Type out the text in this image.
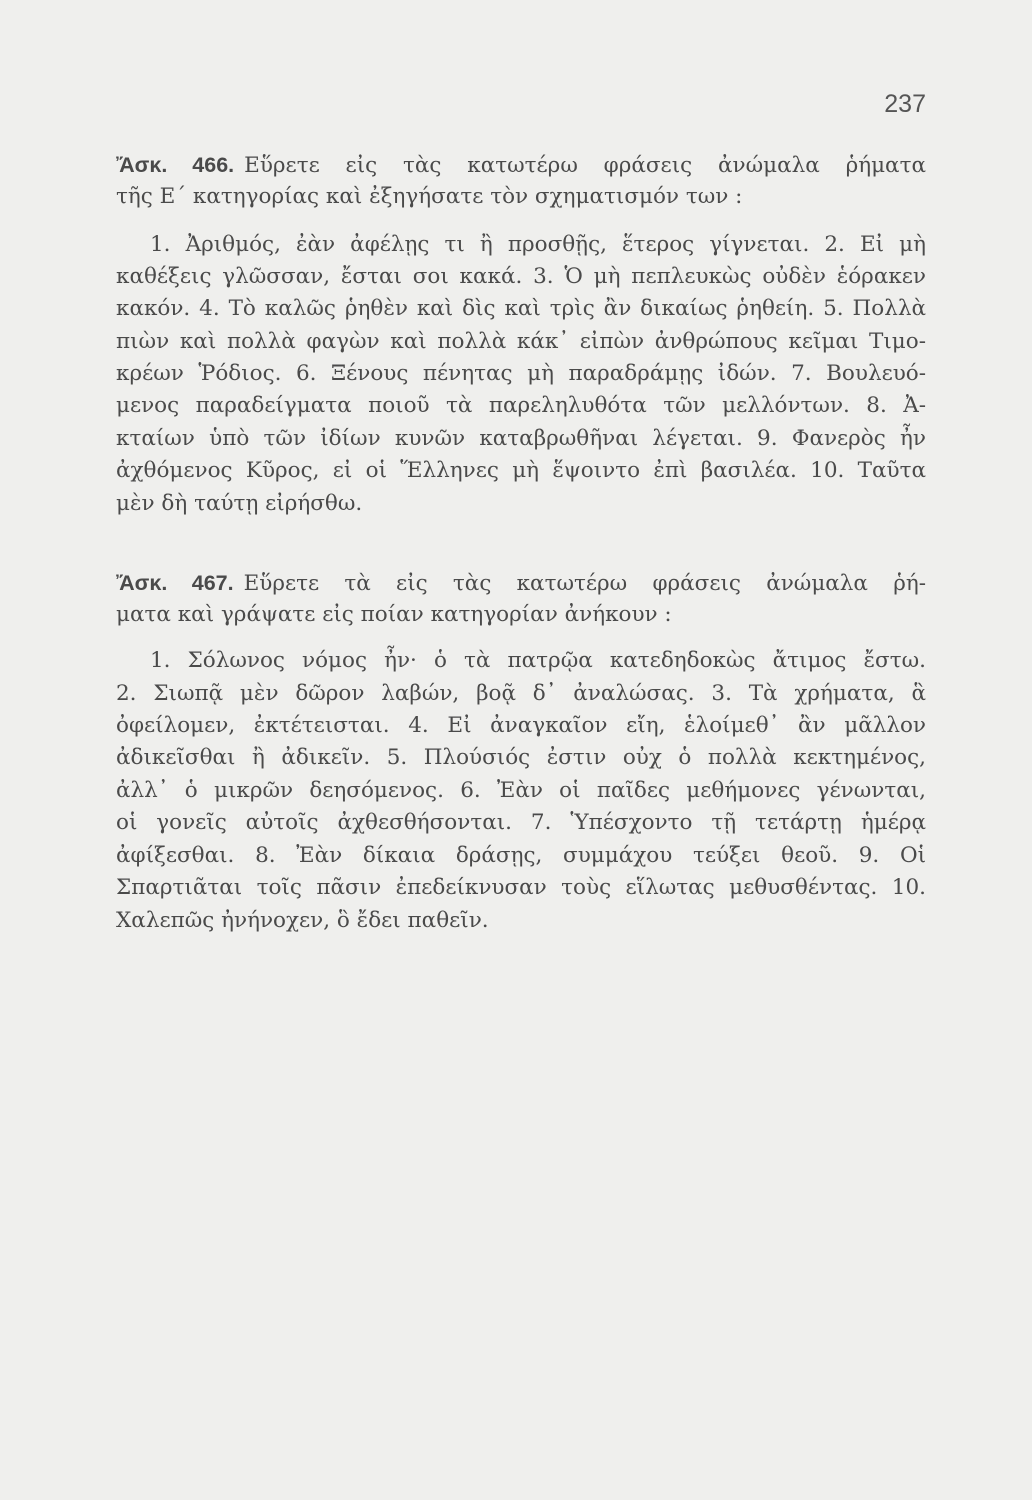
237
Ἄσκ. 466. Εὕρετε εἰς τὰς κατωτέρω φράσεις ἀνώμαλα ῥήματα
τῆς Ε΄ κατηγορίας καὶ ἐξηγήσατε τὸν σχηματισμόν των :
1. Ἀριθμός, ἐὰν ἀφέλῃς τι ἢ προσθῇς, ἕτερος γίγνεται. 2. Εἰ μὴ
καθέξεις γλῶσσαν, ἔσται σοι κακά. 3. Ὁ μὴ πεπλευκὼς οὐδὲν ἑόρακεν
κακόν. 4. Τὸ καλῶς ῥηθὲν καὶ δὶς καὶ τρὶς ἂν δικαίως ῥηθείη. 5. Πολλὰ
πιὼν καὶ πολλὰ φαγὼν καὶ πολλὰ κάκ᾽ εἰπὼν ἀνθρώπους κεῖμαι Τιμο-
κρέων Ῥόδιος. 6. Ξένους πένητας μὴ παραδράμῃς ἰδών. 7. Βουλευό-
μενος παραδείγματα ποιοῦ τὰ παρεληλυθότα τῶν μελλόντων. 8. Ἀ-
κταίων ὑπὸ τῶν ἰδίων κυνῶν καταβρωθῆναι λέγεται. 9. Φανερὸς ἦν
ἀχθόμενος Κῦρος, εἰ οἱ Ἕλληνες μὴ ἕψοιντο ἐπὶ βασιλέα. 10. Ταῦτα
μὲν δὴ ταύτῃ εἰρήσθω.
Ἄσκ. 467. Εὕρετε τὰ εἰς τὰς κατωτέρω φράσεις ἀνώμαλα ῥή-
ματα καὶ γράψατε εἰς ποίαν κατηγορίαν ἀνήκουν :
1. Σόλωνος νόμος ἦν· ὁ τὰ πατρῷα κατεδηδοκὼς ἄτιμος ἔστω.
2. Σιωπᾷ μὲν δῶρον λαβών, βοᾷ δ᾽ ἀναλώσας. 3. Τὰ χρήματα, ἃ
ὀφείλομεν, ἐκτέτεισται. 4. Εἰ ἀναγκαῖον εἴη, ἑλοίμεθ᾽ ἂν μᾶλλον
ἀδικεῖσθαι ἢ ἀδικεῖν. 5. Πλούσιός ἐστιν οὐχ ὁ πολλὰ κεκτημένος,
ἀλλ᾽ ὁ μικρῶν δεησόμενος. 6. Ἐὰν οἱ παῖδες μεθήμονες γένωνται,
οἱ γονεῖς αὐτοῖς ἀχθεσθήσονται. 7. Ὑπέσχοντο τῇ τετάρτῃ ἡμέρᾳ
ἀφίξεσθαι. 8. Ἐὰν δίκαια δράσῃς, συμμάχου τεύξει θεοῦ. 9. Οἱ
Σπαρτιᾶται τοῖς πᾶσιν ἐπεδείκνυσαν τοὺς εἵλωτας μεθυσθέντας. 10.
Χαλεπῶς ἠνήνοχεν, ὃ ἔδει παθεῖν.
